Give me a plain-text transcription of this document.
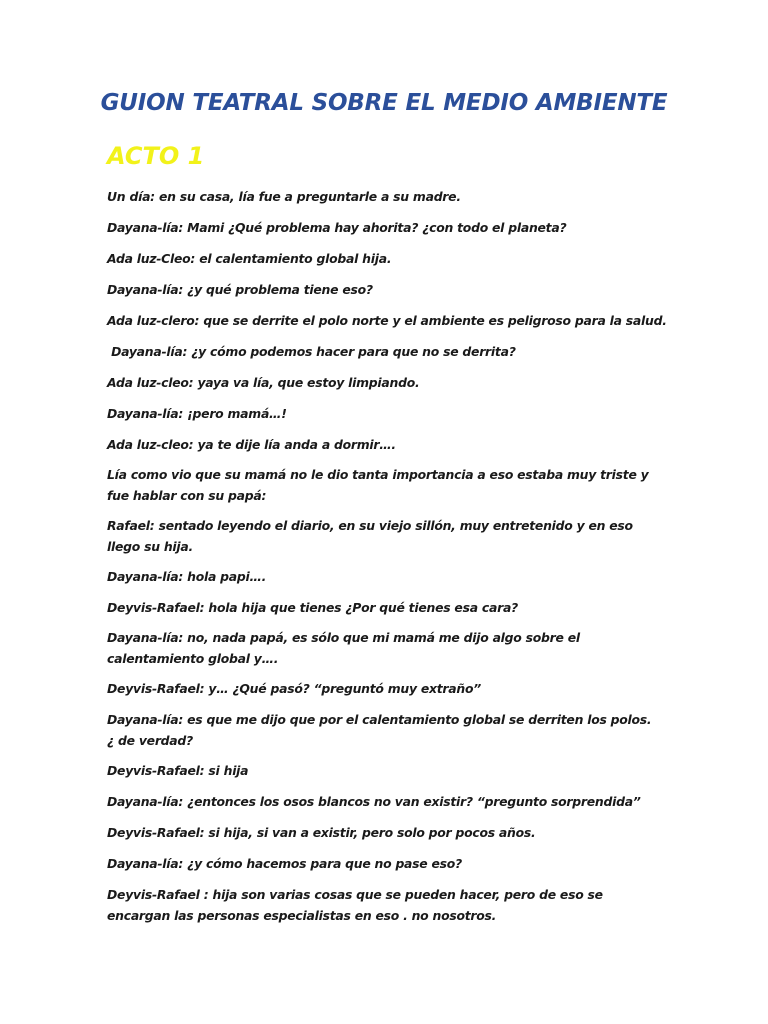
GUION TEATRAL SOBRE EL MEDIO AMBIENTE
ACTO 1
Un día: en su casa, lía fue a preguntarle a su madre.
Dayana-lía: Mami ¿Qué problema hay ahorita? ¿con todo el planeta?
Ada luz-Cleo: el calentamiento global hija.
Dayana-lía: ¿y qué problema tiene eso?
Ada luz-clero: que se derrite el polo norte y el ambiente es peligroso para la salud.
Dayana-lía: ¿y cómo podemos hacer para que no se derrita?
Ada luz-cleo: yaya va lía, que estoy limpiando.
Dayana-lía: ¡pero mamá…!
Ada luz-cleo: ya te dije lía anda a dormir….
Lía como vio que su mamá no le dio tanta importancia a eso estaba muy triste y fue hablar con su papá:
Rafael: sentado leyendo el diario, en su viejo sillón, muy entretenido y en eso llego su hija.
Dayana-lía: hola papi….
Deyvis-Rafael: hola hija que tienes ¿Por qué tienes esa cara?
Dayana-lía: no, nada papá, es sólo que mi mamá me dijo algo sobre el calentamiento global y….
Deyvis-Rafael: y… ¿Qué pasó? “preguntó muy extraño”
Dayana-lía: es que me dijo que por el calentamiento global se derriten los polos. ¿ de verdad?
Deyvis-Rafael: si hija
Dayana-lía: ¿entonces los osos blancos no van existir? “pregunto sorprendida”
Deyvis-Rafael: si hija, si van a existir, pero solo por pocos años.
Dayana-lía: ¿y cómo hacemos para que no pase eso?
Deyvis-Rafael : hija son varias cosas que se pueden hacer, pero de eso se encargan las personas especialistas en eso . no nosotros.
